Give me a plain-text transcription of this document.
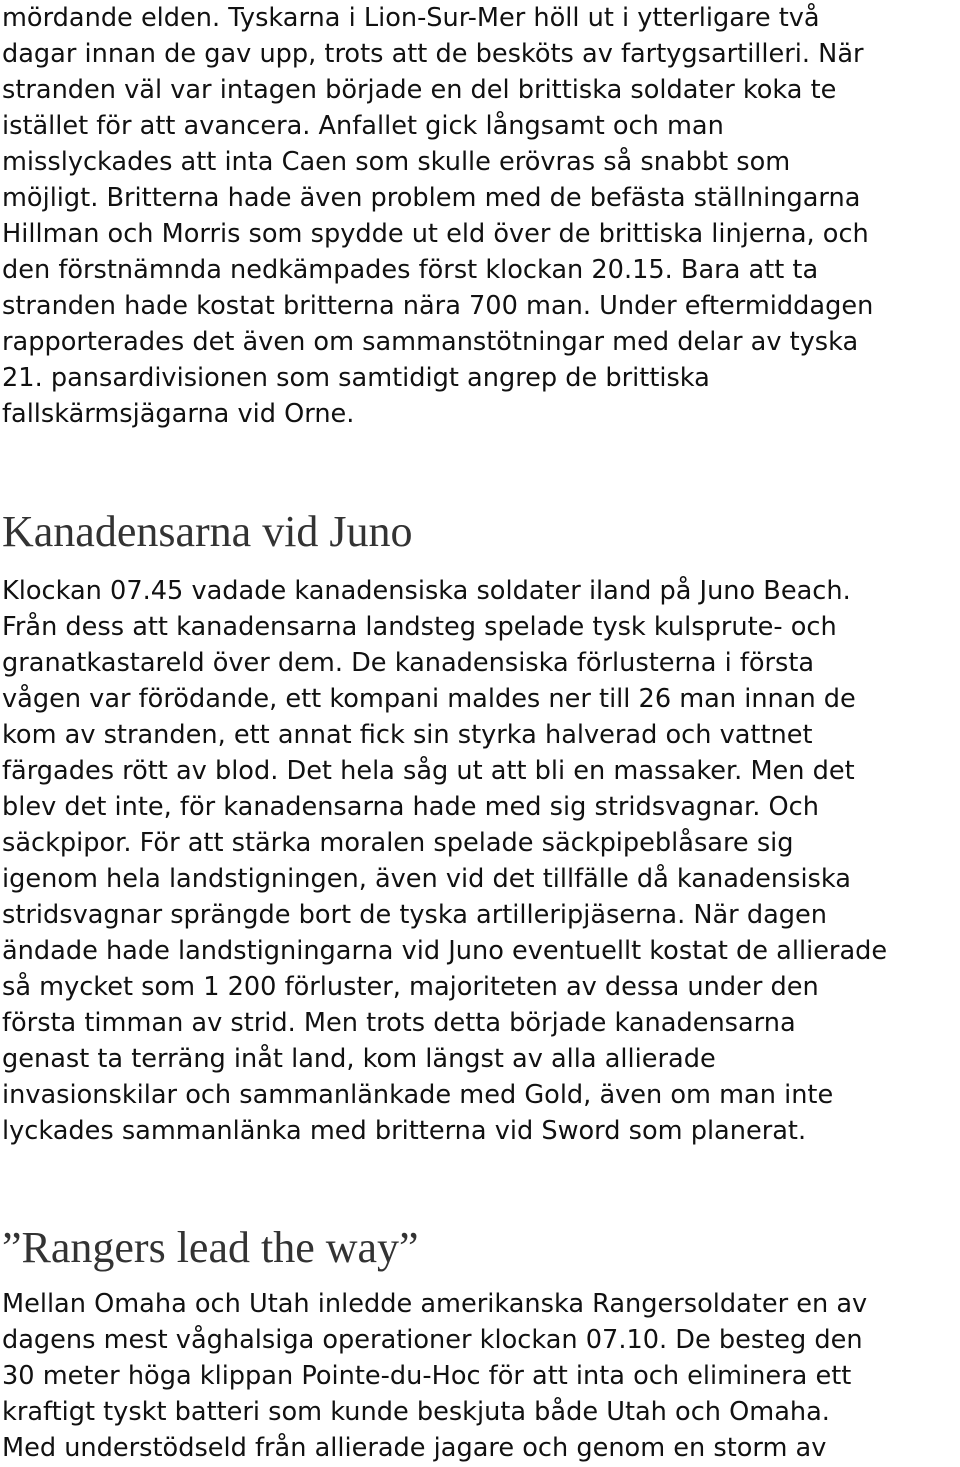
mördande elden. Tyskarna i Lion-Sur-Mer höll ut i ytterligare två
dagar innan de gav upp, trots att de besköts av fartygsartilleri. När
stranden väl var intagen började en del brittiska soldater koka te
istället för att avancera. Anfallet gick långsamt och man
misslyckades att inta Caen som skulle erövras så snabbt som
möjligt. Britterna hade även problem med de befästa ställningarna
Hillman och Morris som spydde ut eld över de brittiska linjerna, och
den förstnämnda nedkämpades först klockan 20.15. Bara att ta
stranden hade kostat britterna nära 700 man. Under eftermiddagen
rapporterades det även om sammanstötningar med delar av tyska
21. pansardivisionen som samtidigt angrep de brittiska
fallskärmsjägarna vid Orne.

Kanadensarna vid Juno

Klockan 07.45 vadade kanadensiska soldater iland på Juno Beach.
Från dess att kanadensarna landsteg spelade tysk kulsprute- och
granatkastareld över dem. De kanadensiska förlusterna i första
vågen var förödande, ett kompani maldes ner till 26 man innan de
kom av stranden, ett annat fick sin styrka halverad och vattnet
färgades rött av blod. Det hela såg ut att bli en massaker. Men det
blev det inte, för kanadensarna hade med sig stridsvagnar. Och
säckpipor. För att stärka moralen spelade säckpipeblåsare sig
igenom hela landstigningen, även vid det tillfälle då kanadensiska
stridsvagnar sprängde bort de tyska artilleripjäserna. När dagen
ändade hade landstigningarna vid Juno eventuellt kostat de allierade
så mycket som 1 200 förluster, majoriteten av dessa under den
första timman av strid. Men trots detta började kanadensarna
genast ta terräng inåt land, kom längst av alla allierade
invasionskilar och sammanlänkade med Gold, även om man inte
lyckades sammanlänka med britterna vid Sword som planerat.

”Rangers lead the way”

Mellan Omaha och Utah inledde amerikanska Rangersoldater en av
dagens mest våghalsiga operationer klockan 07.10. De besteg den
30 meter höga klippan Pointe-du-Hoc för att inta och eliminera ett
kraftigt tyskt batteri som kunde beskjuta både Utah och Omaha.
Med understödseld från allierade jagare och genom en storm av
